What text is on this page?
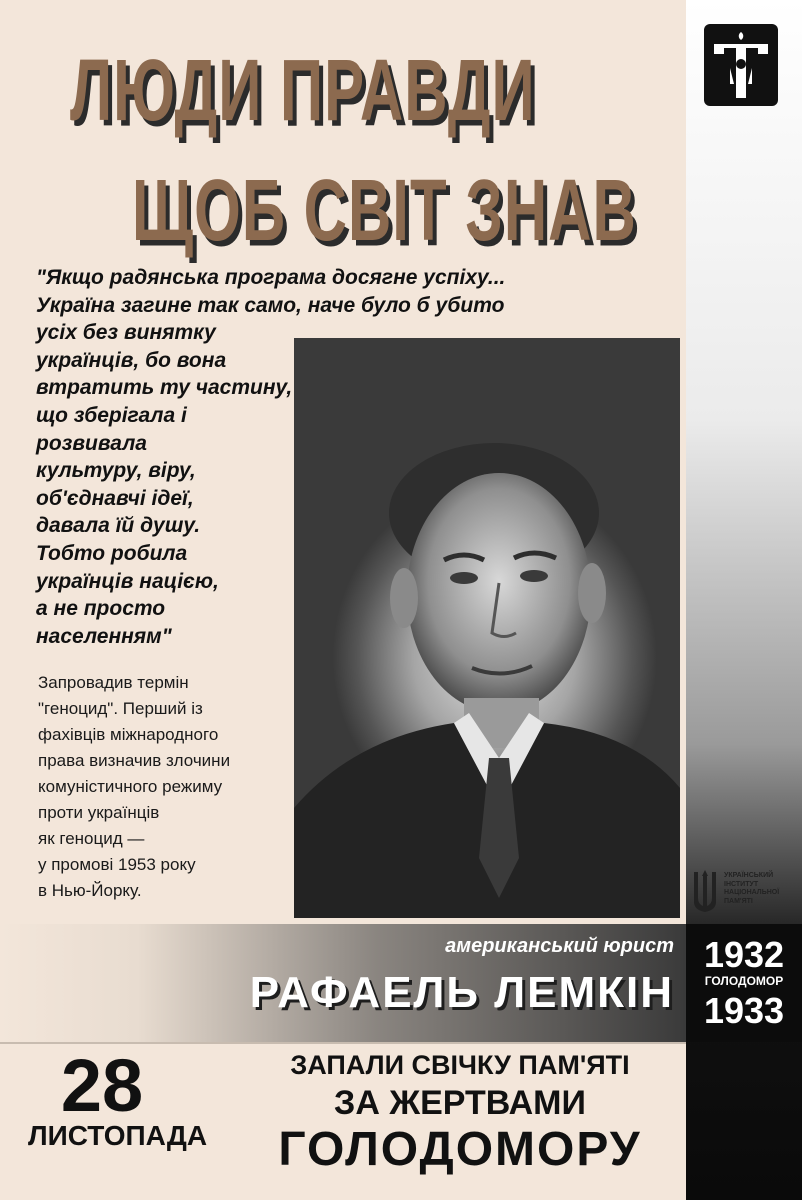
ЛЮДИ ПРАВДИ
ЩОБ СВІТ ЗНАВ
"Якщо радянська програма досягне успіху...
Україна загине так само, наче було б убито
усіх без винятку
українців, бо вона
втратить ту частину,
що зберігала і
розвивала
культуру, віру,
об'єднавчі ідеї,
давала їй душу.
Тобто робила
українців нацією,
а не просто
населенням"
Запровадив термін
"геноцид". Перший із
фахівців міжнародного
права визначив злочини
комуністичного режиму
проти українців
як геноцид —
у промові 1953 року
в Нью-Йорку.
УКРАЇНСЬКИЙ
ІНСТИТУТ
НАЦІОНАЛЬНОЇ
ПАМ'ЯТІ
американський юрист
РАФАЕЛЬ ЛЕМКІН
1932
ГОЛОДОМОР
1933
28
ЛИСТОПАДА
ЗАПАЛИ СВІЧКУ ПАМ'ЯТІ
ЗА ЖЕРТВАМИ
ГОЛОДОМОРУ
